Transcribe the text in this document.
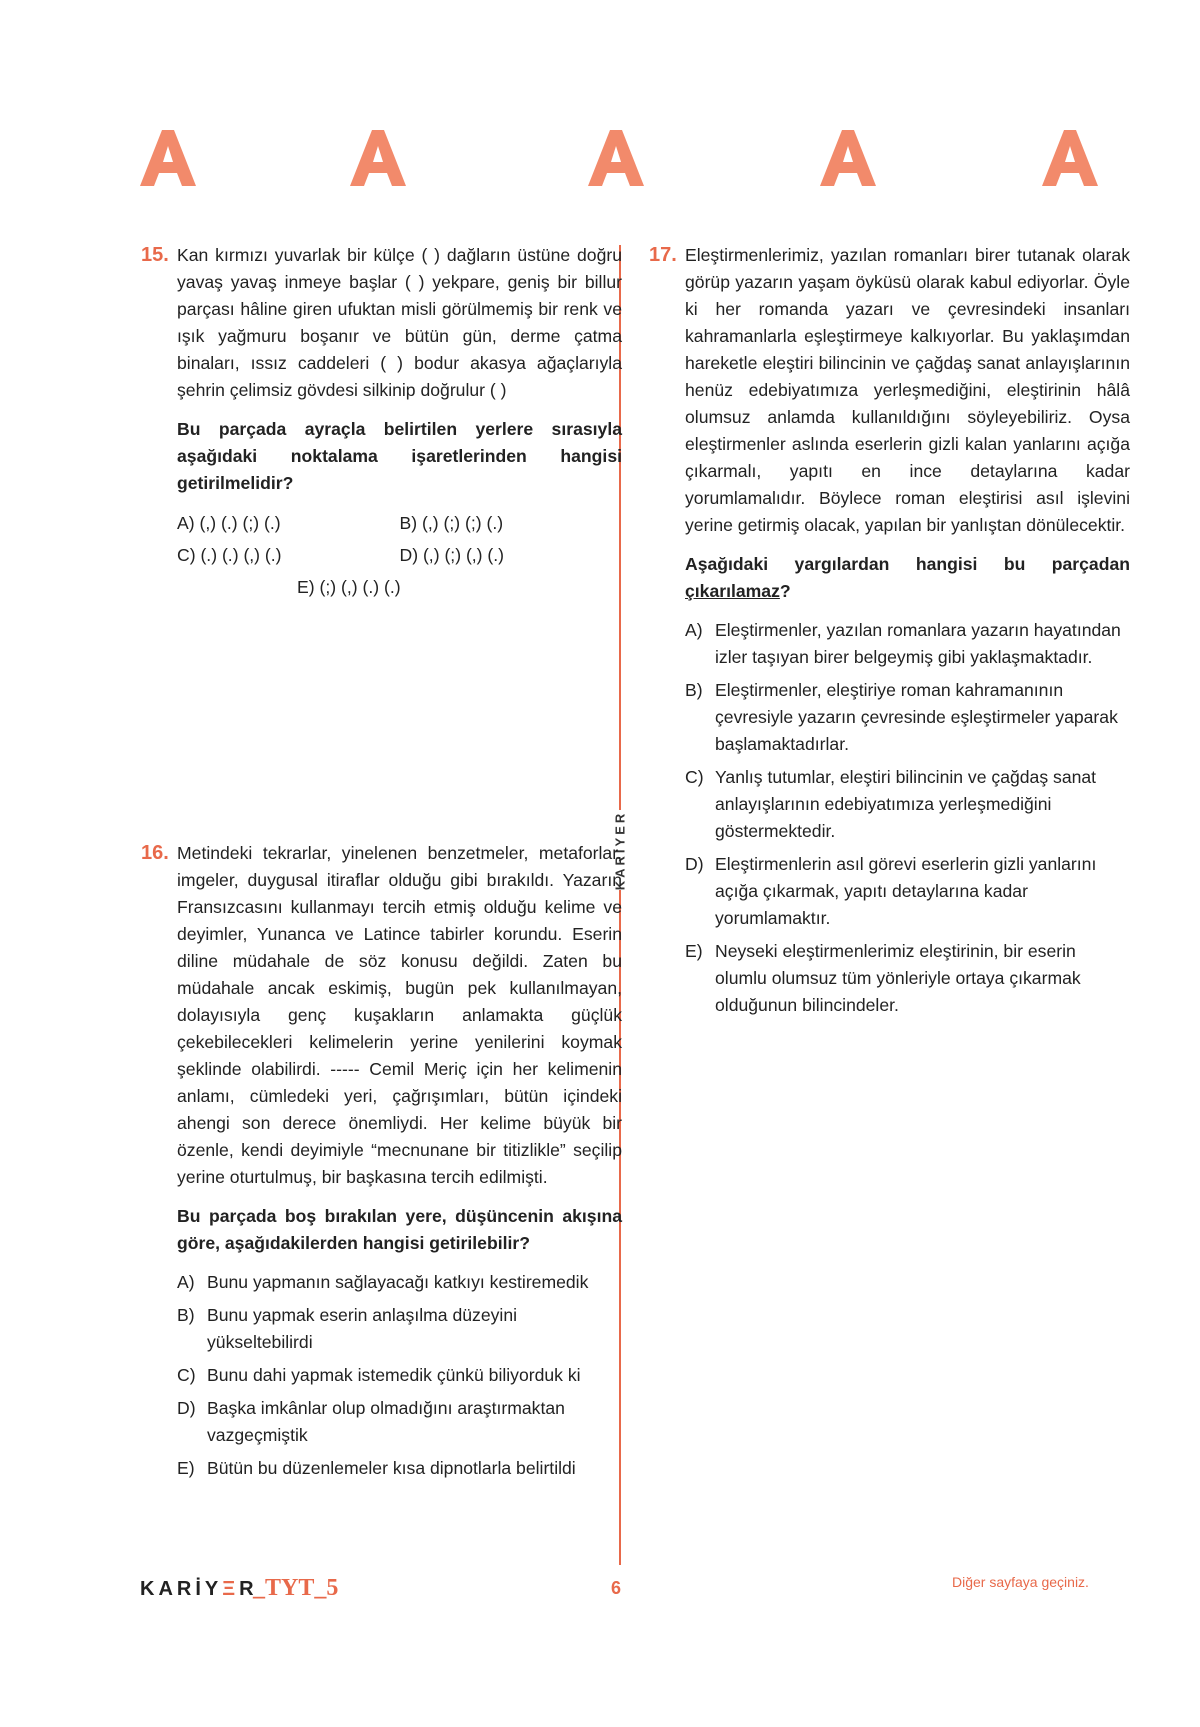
KARİYER
15. Kan kırmızı yuvarlak bir külçe ( ) dağların üstüne doğru yavaş yavaş inmeye başlar ( ) yekpare, geniş bir billur parçası hâline giren ufuktan misli görülmemiş bir renk ve ışık yağmuru boşanır ve bütün gün, derme çatma binaları, ıssız caddeleri ( ) bodur akasya ağaçlarıyla şehrin çelimsiz gövdesi silkinip doğrulur ( )

Bu parçada ayraçla belirtilen yerlere sırasıyla aşağıdaki noktalama işaretlerinden hangisi getirilmelidir?

A) (,) (.) (;) (.)	B) (,) (;) (;) (.)
C) (.) (.) (,) (.)	D) (,) (;) (,) (.)
E) (;) (,) (.) (.)
16. Metindeki tekrarlar, yinelenen benzetmeler, metaforlar, imgeler, duygusal itiraflar olduğu gibi bırakıldı. Yazarın Fransızcasını kullanmayı tercih etmiş olduğu kelime ve deyimler, Yunanca ve Latince tabirler korundu. Eserin diline müdahale de söz konusu değildi. Zaten bu müdahale ancak eskimiş, bugün pek kullanılmayan, dolayısıyla genç kuşakların anlamakta güçlük çekebilecekleri kelimelerin yerine yenilerini koymak şeklinde olabilirdi. ----- Cemil Meriç için her kelimenin anlamı, cümledeki yeri, çağrışımları, bütün içindeki ahengi son derece önemliydi. Her kelime büyük bir özenle, kendi deyimiyle “mecnunane bir titizlikle” seçilip yerine oturtulmuş, bir başkasına tercih edilmişti.

Bu parçada boş bırakılan yere, düşüncenin akışına göre, aşağıdakilerden hangisi getirilebilir?

A) Bunu yapmanın sağlayacağı katkıyı kestiremedik
B) Bunu yapmak eserin anlaşılma düzeyini yükseltebilirdi
C) Bunu dahi yapmak istemedik çünkü biliyorduk ki
D) Başka imkânlar olup olmadığını araştırmaktan vazgeçmiştik
E) Bütün bu düzenlemeler kısa dipnotlarla belirtildi
17. Eleştirmenlerimiz, yazılan romanları birer tutanak olarak görüp yazarın yaşam öyküsü olarak kabul ediyorlar. Öyle ki her romanda yazarı ve çevresindeki insanları kahramanlarla eşleştirmeye kalkıyorlar. Bu yaklaşımdan hareketle eleştiri bilincinin ve çağdaş sanat anlayışlarının henüz edebiyatımıza yerleşmediğini, eleştirinin hâlâ olumsuz anlamda kullanıldığını söyleyebiliriz. Oysa eleştirmenler aslında eserlerin gizli kalan yanlarını açığa çıkarmalı, yapıtı en ince detaylarına kadar yorumlamalıdır. Böylece roman eleştirisi asıl işlevini yerine getirmiş olacak, yapılan bir yanlıştan dönülecektir.

Aşağıdaki yargılardan hangisi bu parçadan çıkarılamaz?

A) Eleştirmenler, yazılan romanlara yazarın hayatından izler taşıyan birer belgeymiş gibi yaklaşmaktadır.
B) Eleştirmenler, eleştiriye roman kahramanının çevresiyle yazarın çevresinde eşleştirmeler yaparak başlamaktadırlar.
C) Yanlış tutumlar, eleştiri bilincinin ve çağdaş sanat anlayışlarının edebiyatımıza yerleşmediğini göstermektedir.
D) Eleştirmenlerin asıl görevi eserlerin gizli yanlarını açığa çıkarmak, yapıtı detaylarına kadar yorumlamaktır.
E) Neyseki eleştirmenlerimiz eleştirinin, bir eserin olumlu olumsuz tüm yönleriyle ortaya çıkarmak olduğunun bilincindeler.
KARİYΞR
_TYT_5	6	Diğer sayfaya geçiniz.
